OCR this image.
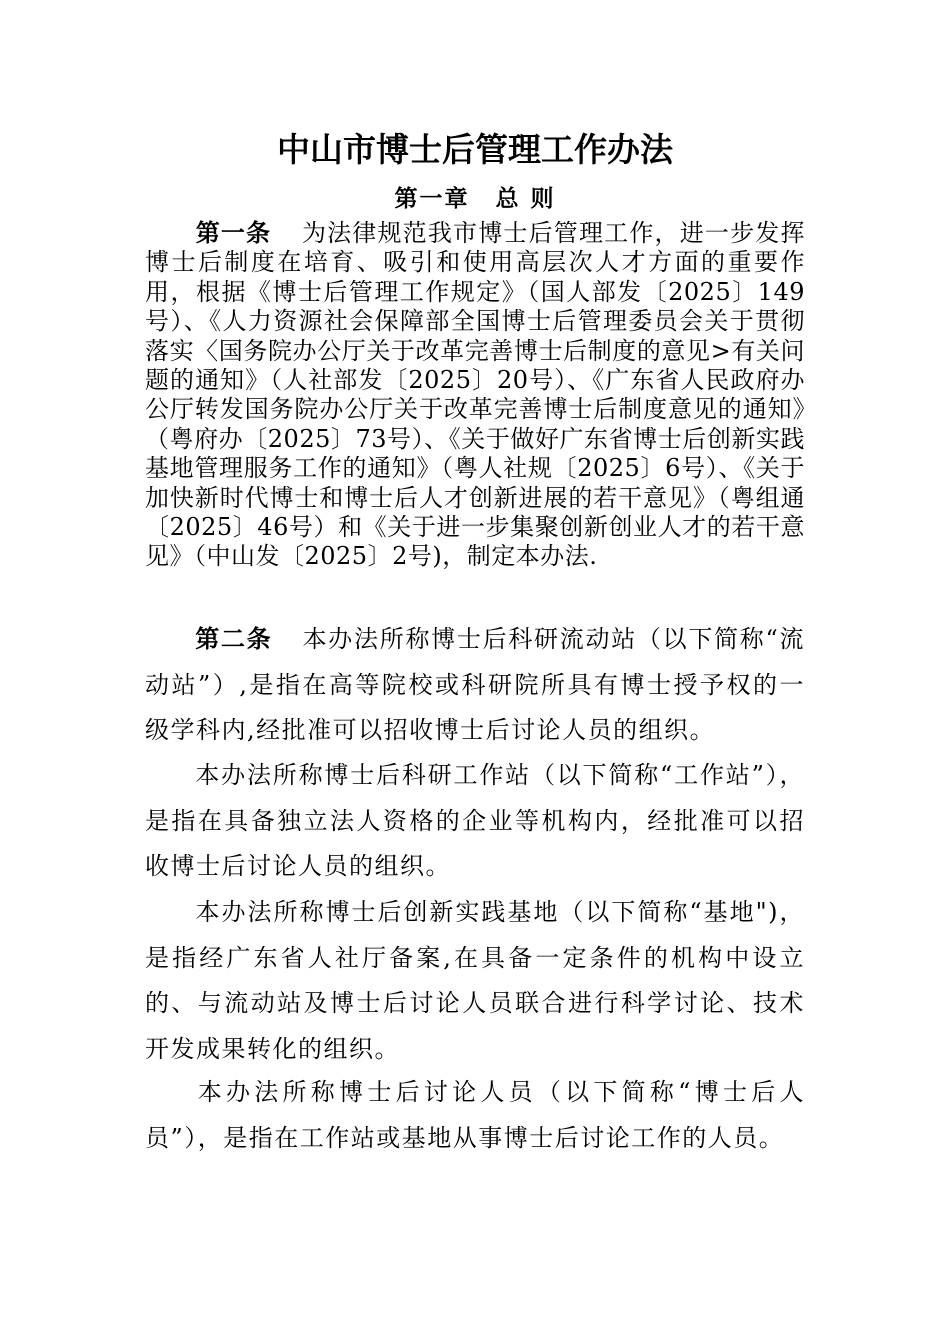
中山市博士后管理工作办法
第一章 总 则

第一条 为法律规范我市博士后管理工作，进一步发挥博士后制度在培育、吸引和使用高层次人才方面的重要作用，根据《博士后管理工作规定》（国人部发〔2025〕149 号）、《人力资源社会保障部全国博士后管理委员会关于贯彻落实〈国务院办公厅关于改革完善博士后制度的意见>有关问题的通知》（人社部发〔2025〕20号）、《广东省人民政府办公厅转发国务院办公厅关于改革完善博士后制度意见的通知》（粤府办〔2025〕73号）、《关于做好广东省博士后创新实践基地管理服务工作的通知》（粤人社规〔2025〕6号）、《关于加快新时代博士和博士后人才创新进展的若干意见》（粤组通〔2025〕46号）和《关于进一步集聚创新创业人才的若干意见》（中山发〔2025〕2号)，制定本办法.

第二条 本办法所称博士后科研流动站（以下简称“流动站”）,是指在高等院校或科研院所具有博士授予权的一级学科内,经批准可以招收博士后讨论人员的组织。

本办法所称博士后科研工作站（以下简称“工作站”），是指在具备独立法人资格的企业等机构内，经批准可以招收博士后讨论人员的组织。

本办法所称博士后创新实践基地（以下简称“基地")，是指经广东省人社厅备案,在具备一定条件的机构中设立的、与流动站及博士后讨论人员联合进行科学讨论、技术开发成果转化的组织。

本办法所称博士后讨论人员（以下简称“博士后人员”），是指在工作站或基地从事博士后讨论工作的人员。
